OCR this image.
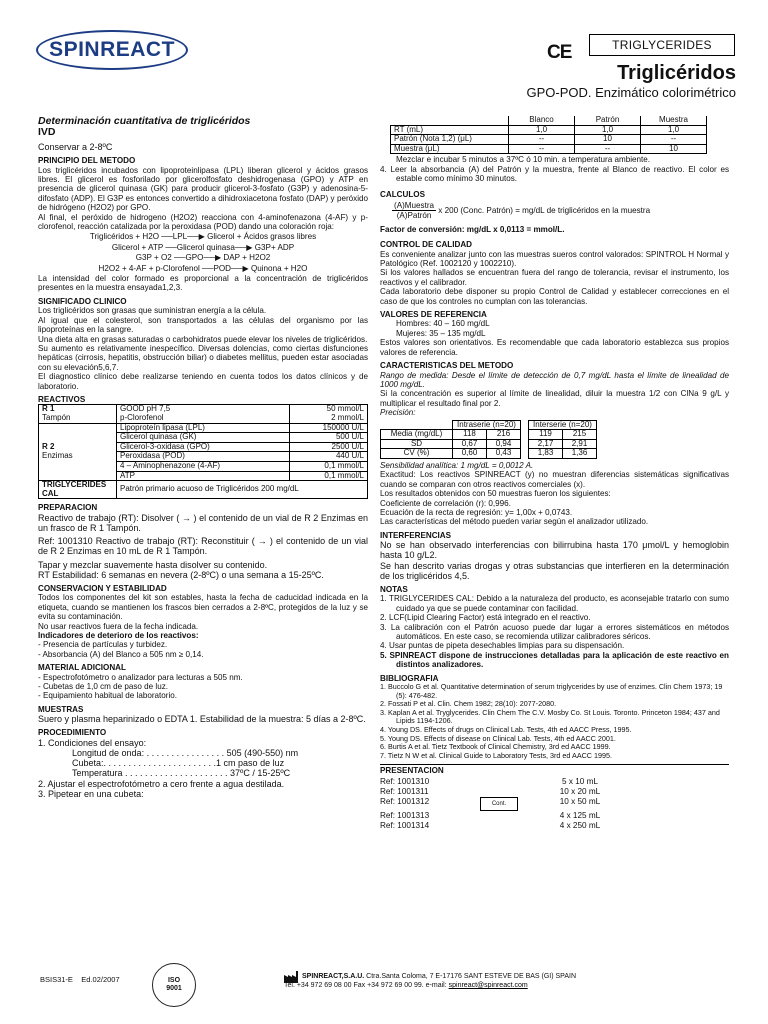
SPINREACT	CE	TRIGLYCERIDES
Triglicéridos
GPO-POD. Enzimático colorimétrico
Determinación cuantitativa de triglicéridos
IVD
Conservar a 2-8ºC
PRINCIPIO DEL METODO

Los triglicéridos incubados con lipoproteinlipasa (LPL) liberan glicerol y ácidos grasos libres. El glicerol es fosforilado por glicerolfosfato deshidrogenasa (GPO) y ATP en presencia de glicerol quinasa (GK) para producir glicerol-3-fosfato (G3P) y adenosina-5-difosfato (ADP). El G3P es entonces convertido a dihidroxiacetona fosfato (DAP) y peróxido de hidrógeno (H2O2) por GPO.

Al final, el peróxido de hidrogeno (H2O2) reacciona con 4-aminofenazona (4-AF) y p-clorofenol, reacción catalizada por la peroxidasa (POD) dando una coloración roja:

Triglicéridos + H2O ──LPL──▶ Glicerol + Ácidos grasos libres
Glicerol + ATP ──Glicerol quinasa──▶ G3P+ ADP
G3P + O2 ──GPO──▶ DAP + H2O2
H2O2 + 4-AF + p-Clorofenol ──POD──▶ Quinona + H2O

La intensidad del color formado es proporcional a la concentración de triglicéridos presentes en la muestra ensayada1,2,3.

SIGNIFICADO CLINICO

Los triglicéridos son grasas que suministran energía a la célula.

Al igual que el colesterol, son transportados a las células del organismo por las lipoproteínas en la sangre.

Una dieta alta en grasas saturadas o carbohidratos puede elevar los niveles de triglicéridos.

Su aumento es relativamente inespecífico. Diversas dolencias, como ciertas disfunciones hepáticas (cirrosis, hepatitis, obstrucción biliar) o diabetes mellitus, pueden estar asociadas con su elevación5,6,7.

El diagnostico clínico debe realizarse teniendo en cuenta todos los datos clínicos y de laboratorio.

REACTIVOS
R 1
Tampón	GOOD pH 7,5	50 mmol/L
	p-Clorofenol	2 mmol/L
R 2
Enzimas	Lipoproteín lipasa (LPL)	150000 U/L
	Glicerol quinasa (GK)	500 U/L
	Glicerol-3-oxidasa (GPO)	2500 U/L
	Peroxidasa (POD)	440 U/L
	4 – Aminophenazone (4-AF)	0,1 mmol/L
	ATP	0,1 mmol/L
TRIGLYCERIDES CAL	Patrón primario acuoso de Triglicéridos 200 mg/dL	
PREPARACION

Reactivo de trabajo (RT): Disolver ( → ) el contenido de un vial de R 2 Enzimas en un frasco de R 1 Tampón.

Ref: 1001310 Reactivo de trabajo (RT): Reconstituir ( → ) el contenido de un vial de R 2 Enzimas en 10 mL de R 1 Tampón.

Tapar y mezclar suavemente hasta disolver su contenido.

RT Estabilidad: 6 semanas en nevera (2-8ºC) o una semana a 15-25ºC.

CONSERVACION Y ESTABILIDAD

Todos los componentes del kit son estables, hasta la fecha de caducidad indicada en la etiqueta, cuando se mantienen los frascos bien cerrados a 2-8ºC, protegidos de la luz y se evita su contaminación.

No usar reactivos fuera de la fecha indicada.

Indicadores de deterioro de los reactivos:
- Presencia de partículas y turbidez.
- Absorbancia (A) del Blanco a 505 nm ≥ 0,14.
MATERIAL ADICIONAL
- Espectrofotómetro o analizador para lecturas a 505 nm.
- Cubetas de 1,0 cm de paso de luz.
- Equipamiento habitual de laboratorio.
MUESTRAS

Suero y plasma heparinizado o EDTA 1. Estabilidad de la muestra: 5 días a 2-8ºC.

PROCEDIMIENTO
1. Condiciones del ensayo:
Longitud de onda: . . . . . . . . . . . . . . . . 505 (490-550) nm
Cubeta:. . . . . . . . . . . . . . . . . . . . . . .1 cm paso de luz
Temperatura . . . . . . . . . . . . . . . . . . . . . 37ºC / 15-25ºC
2. Ajustar el espectrofotómetro a cero frente a agua destilada.
3. Pipetear en una cubeta:
	Blanco	Patrón	Muestra
RT (mL)	1,0	1,0	1,0
Patrón (Nota 1,2) (μL)	--	10	--
Muestra (μL)	--	--	10
Mezclar e incubar 5 minutos a 37ºC ó 10 min. a temperatura ambiente.

4. Leer la absorbancia (A) del Patrón y la muestra, frente al Blanco de reactivo. El color es estable como mínimo 30 minutos.

CALCULOS
$\frac{\text{(A)Muestra}}{\text{(A)Patrón}}$ x 200 (Conc. Patrón) = mg/dL de triglicéridos en la muestra
Factor de conversión: mg/dL x 0,0113 = mmol/L.
CONTROL DE CALIDAD

Es conveniente analizar junto con las muestras sueros control valorados: SPINTROL H Normal y Patológico (Ref. 1002120 y 1002210).

Si los valores hallados se encuentran fuera del rango de tolerancia, revisar el instrumento, los reactivos y el calibrador.

Cada laboratorio debe disponer su propio Control de Calidad y establecer correcciones en el caso de que los controles no cumplan con las tolerancias.

VALORES DE REFERENCIA
Hombres: 40 – 160 mg/dL
Mujeres: 35 – 135 mg/dL

Estos valores son orientativos. Es recomendable que cada laboratorio establezca sus propios valores de referencia.

CARACTERISTICAS DEL METODO

Rango de medida: Desde el límite de detección de 0,7 mg/dL hasta el límite de linealidad de 1000 mg/dL.

Si la concentración es superior al límite de linealidad, diluir la muestra 1/2 con ClNa 9 g/L y multiplicar el resultado final por 2.

Precisión:
	Intraserie (n=20)			Interserie (n=20)	
Media (mg/dL)	118	216		119	215
SD	0,67	0,94		2,17	2,91
CV (%)	0,60	0,43		1,83	1,36
Sensibilidad analítica: 1 mg/dL = 0,0012 A.

Exactitud: Los reactivos SPINREACT (y) no muestran diferencias sistemáticas significativas cuando se comparan con otros reactivos comerciales (x).

Los resultados obtenidos con 50 muestras fueron los siguientes:
Coeficiente de correlación (r): 0,996.
Ecuación de la recta de regresión: y= 1,00x + 0,0743.
Las características del método pueden variar según el analizador utilizado.
INTERFERENCIAS

No se han observado interferencias con bilirrubina hasta 170 μmol/L y hemoglobin hasta 10 g/L2.

Se han descrito varias drogas y otras substancias que interfieren en la determinación de los triglicéridos 4,5.

NOTAS

1. TRIGLYCERIDES CAL: Debido a la naturaleza del producto, es aconsejable tratarlo con sumo cuidado ya que se puede contaminar con facilidad.

2. LCF(Lipid Clearing Factor) está integrado en el reactivo.

3. La calibración con el Patrón acuoso puede dar lugar a errores sistemáticos en métodos automáticos. En este caso, se recomienda utilizar calibradores séricos.

4. Usar puntas de pipeta desechables limpias para su dispensación.

5. SPINREACT dispone de instrucciones detalladas para la aplicación de este reactivo en distintos analizadores.

BIBLIOGRAFIA
1. Buccolo G et al. Quantitative determination of serum triglycerides by use of enzimes. Clin Chem 1973; 19 (5): 476-482.
2. Fossati P et al. Clin. Chem 1982; 28(10): 2077-2080.
3. Kaplan A et al. Tryglycerides. Clin Chem The C.V. Mosby Co. St Louis. Toronto. Princeton 1984; 437 and Lipids 1194-1206.
4. Young DS. Effects of drugs on Clinical Lab. Tests, 4th ed AACC Press, 1995.
5. Young DS. Effects of disease on Clinical Lab. Tests, 4th ed AACC 2001.
6. Burtis A et al. Tietz Textbook of Clinical Chemistry, 3rd ed AACC 1999.
7. Tietz N W et al. Clinical Guide to Laboratory Tests, 3rd ed AACC 1995.
PRESENTACION
Ref: 1001310	5 x 10 mL
Ref: 1001311	10 x 20 mL
Ref: 1001312	Cont.	10 x 50 mL
Ref: 1001313	4 x 125 mL
Ref: 1001314	4 x 250 mL
BSIS31-E Ed.02/2007	ISO
9001
SPINREACT,S.A.U. Ctra.Santa Coloma, 7 E-17176 SANT ESTEVE DE BAS (GI) SPAIN
Tel. +34 972 69 08 00 Fax +34 972 69 00 99. e-mail: spinreact@spinreact.com
